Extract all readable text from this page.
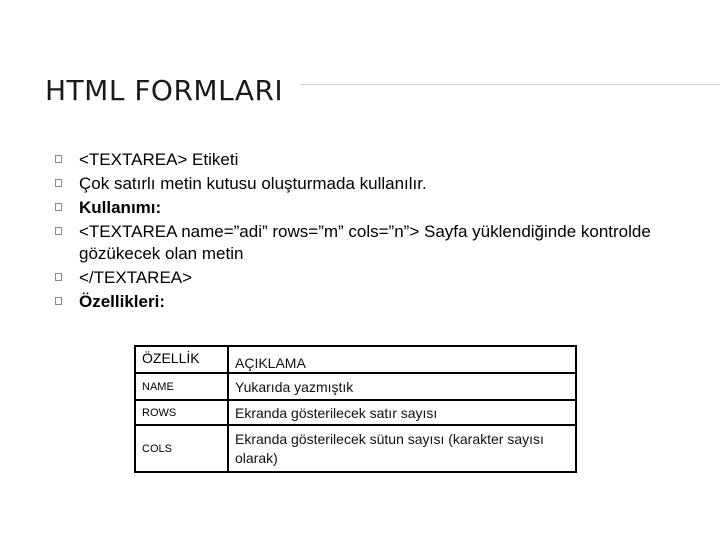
HTML FORMLARI
<TEXTAREA> Etiketi
Çok satırlı metin kutusu oluşturmada kullanılır.
Kullanımı:
<TEXTAREA name=”adi” rows=”m” cols=”n”> Sayfa yüklendiğinde kontrolde gözükecek olan metin
</TEXTAREA>
Özellikleri:
ÖZELLİK	AÇIKLAMA
NAME	Yukarıda yazmıştık
ROWS	Ekranda gösterilecek satır sayısı
COLS	Ekranda gösterilecek sütun sayısı (karakter sayısı olarak)
